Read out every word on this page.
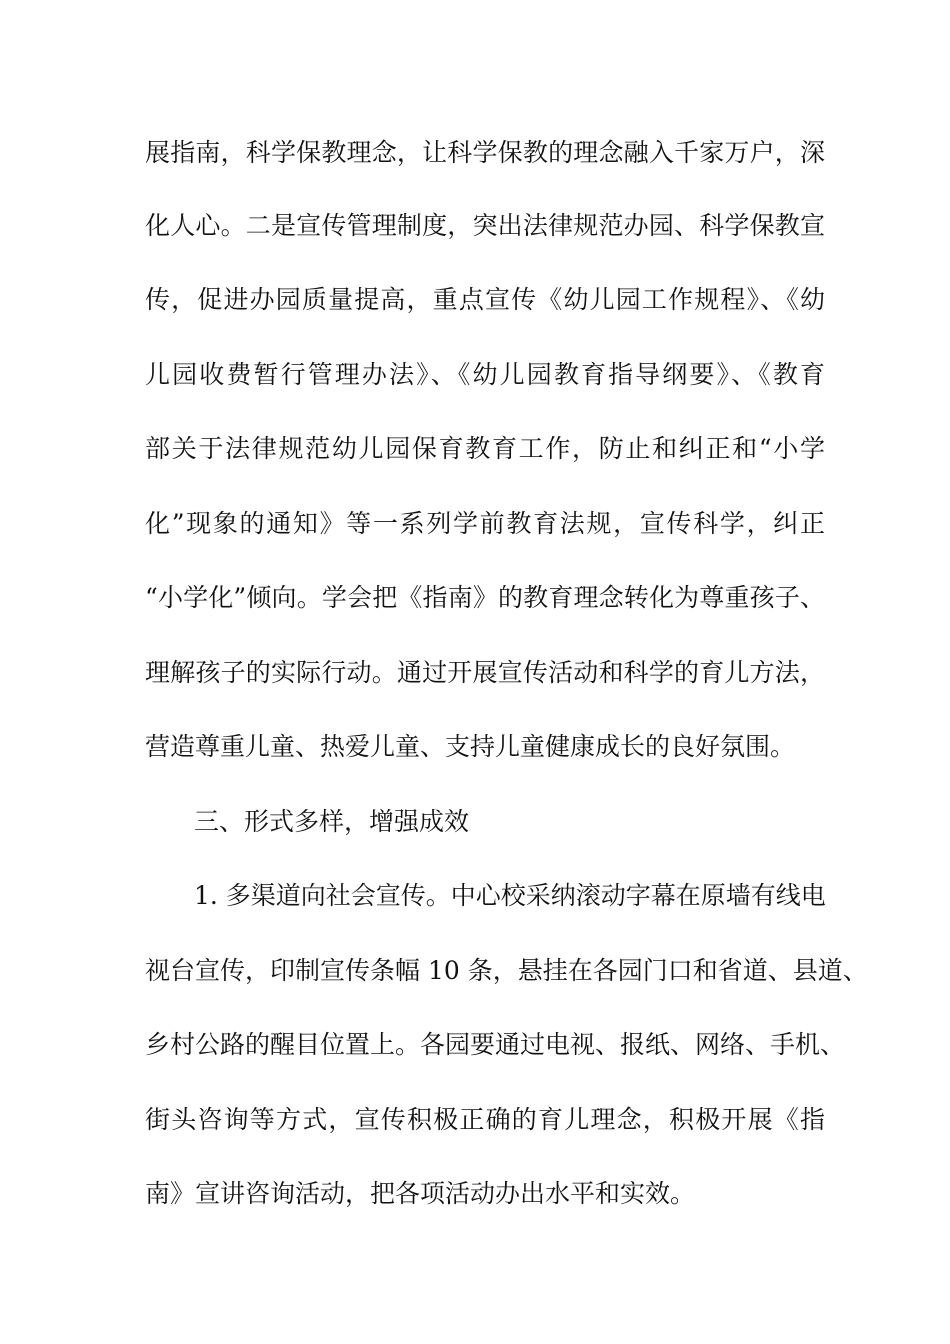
展指南，科学保教理念，让科学保教的理念融入千家万户，深
化人心。二是宣传管理制度，突出法律规范办园、科学保教宣
传，促进办园质量提高，重点宣传《幼儿园工作规程》、《幼
儿园收费暂行管理办法》、《幼儿园教育指导纲要》、《教育
部关于法律规范幼儿园保育教育工作，防止和纠正和“小学
化”现象的通知》等一系列学前教育法规，宣传科学，纠正
“小学化”倾向。学会把《指南》的教育理念转化为尊重孩子、
理解孩子的实际行动。通过开展宣传活动和科学的育儿方法，
营造尊重儿童、热爱儿童、支持儿童健康成长的良好氛围。
三、形式多样，增强成效
1. 多渠道向社会宣传。中心校采纳滚动字幕在原墙有线电
视台宣传，印制宣传条幅 10 条，悬挂在各园门口和省道、县道、
乡村公路的醒目位置上。各园要通过电视、报纸、网络、手机、
街头咨询等方式，宣传积极正确的育儿理念，积极开展《指
南》宣讲咨询活动，把各项活动办出水平和实效。
